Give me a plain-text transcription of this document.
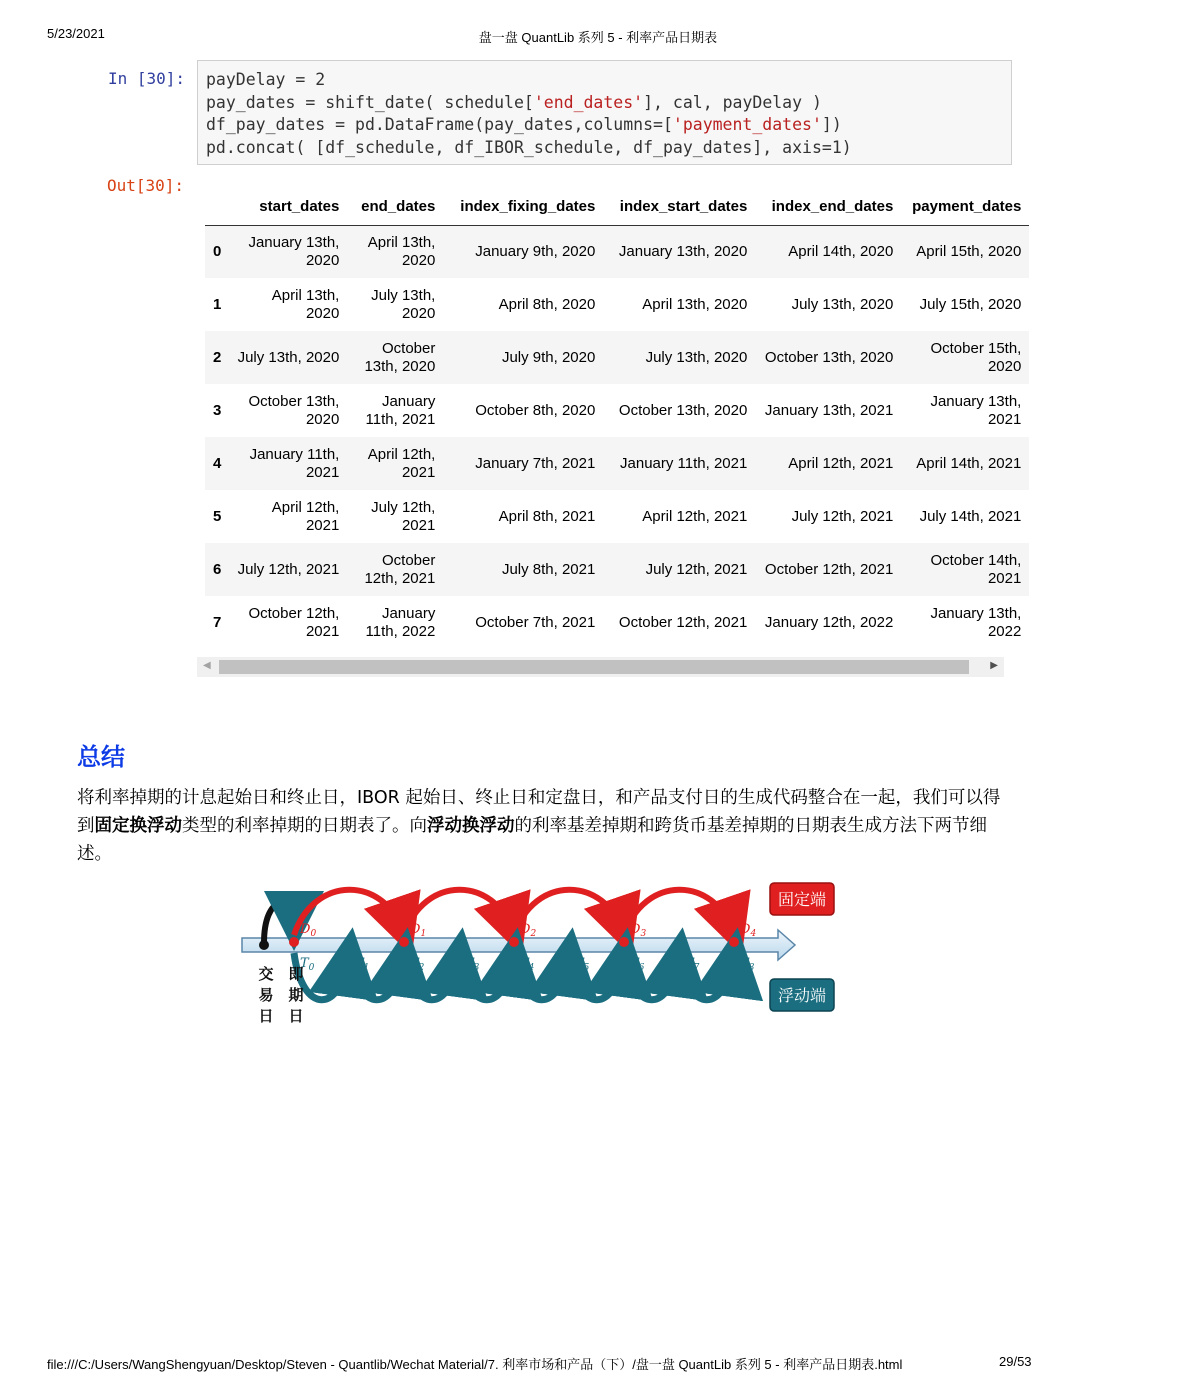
5/23/2021	盘一盘 QuantLib 系列 5 - 利率产品日期表
In [30]: payDelay = 2
pay_dates = shift_date( schedule['end_dates'], cal, payDelay )
df_pay_dates = pd.DataFrame(pay_dates,columns=['payment_dates'])
pd.concat( [df_schedule, df_IBOR_schedule, df_pay_dates], axis=1)
Out[30]:
	start_dates	end_dates	index_fixing_dates	index_start_dates	index_end_dates	payment_dates
0	January 13th, 2020	April 13th, 2020	January 9th, 2020	January 13th, 2020	April 14th, 2020	April 15th, 2020
1	April 13th, 2020	July 13th, 2020	April 8th, 2020	April 13th, 2020	July 13th, 2020	July 15th, 2020
2	July 13th, 2020	October 13th, 2020	July 9th, 2020	July 13th, 2020	October 13th, 2020	October 15th, 2020
3	October 13th, 2020	January 11th, 2021	October 8th, 2020	October 13th, 2020	January 13th, 2021	January 13th, 2021
4	January 11th, 2021	April 12th, 2021	January 7th, 2021	January 11th, 2021	April 12th, 2021	April 14th, 2021
5	April 12th, 2021	July 12th, 2021	April 8th, 2021	April 12th, 2021	July 12th, 2021	July 14th, 2021
6	July 12th, 2021	October 12th, 2021	July 8th, 2021	July 12th, 2021	October 12th, 2021	October 14th, 2021
7	October 12th, 2021	January 11th, 2022	October 7th, 2021	October 12th, 2021	January 12th, 2022	January 13th, 2022
◀	▶
总结
将利率掉期的计息起始日和终止日，IBOR 起始日、终止日和定盘日，和产品支付日的生成代码整合在一起，我们可以得到固定换浮动类型的利率掉期的日期表了。向浮动换浮动的利率基差掉期和跨货币基差掉期的日期表生成方法下两节细述。
$T_0$	$T_1$	$T_2$	$T_3$	$T_4$	$T_5$	$T_6$	$T_7$	$T_8$
$D_0$	$D_1$	$D_2$	$D_3$	$D_4$
交
易
日
即
期
日
固定端
浮动端
file:///C:/Users/WangShengyuan/Desktop/Steven - Quantlib/Wechat Material/7. 利率市场和产品（下）/盘一盘 QuantLib 系列 5 - 利率产品日期表.html	29/53
